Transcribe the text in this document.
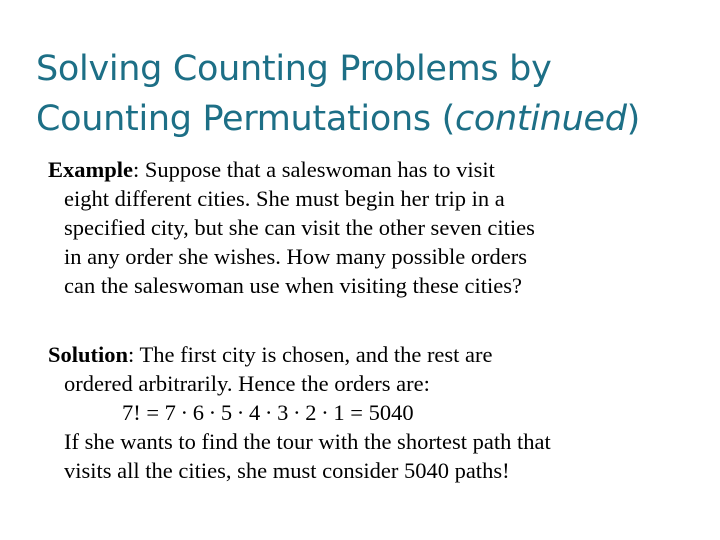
Solving Counting Problems by
Counting Permutations (continued)
Example: Suppose that a saleswoman has to visit
eight different cities. She must begin her trip in a
specified city, but she can visit the other seven cities
in any order she wishes. How many possible orders
can the saleswoman use when visiting these cities?
Solution: The first city is chosen, and the rest are
ordered arbitrarily. Hence the orders are:
7! = 7 ∙ 6 ∙ 5 ∙ 4 ∙ 3 ∙ 2 ∙ 1 = 5040
If she wants to find the tour with the shortest path that
visits all the cities, she must consider 5040 paths!
